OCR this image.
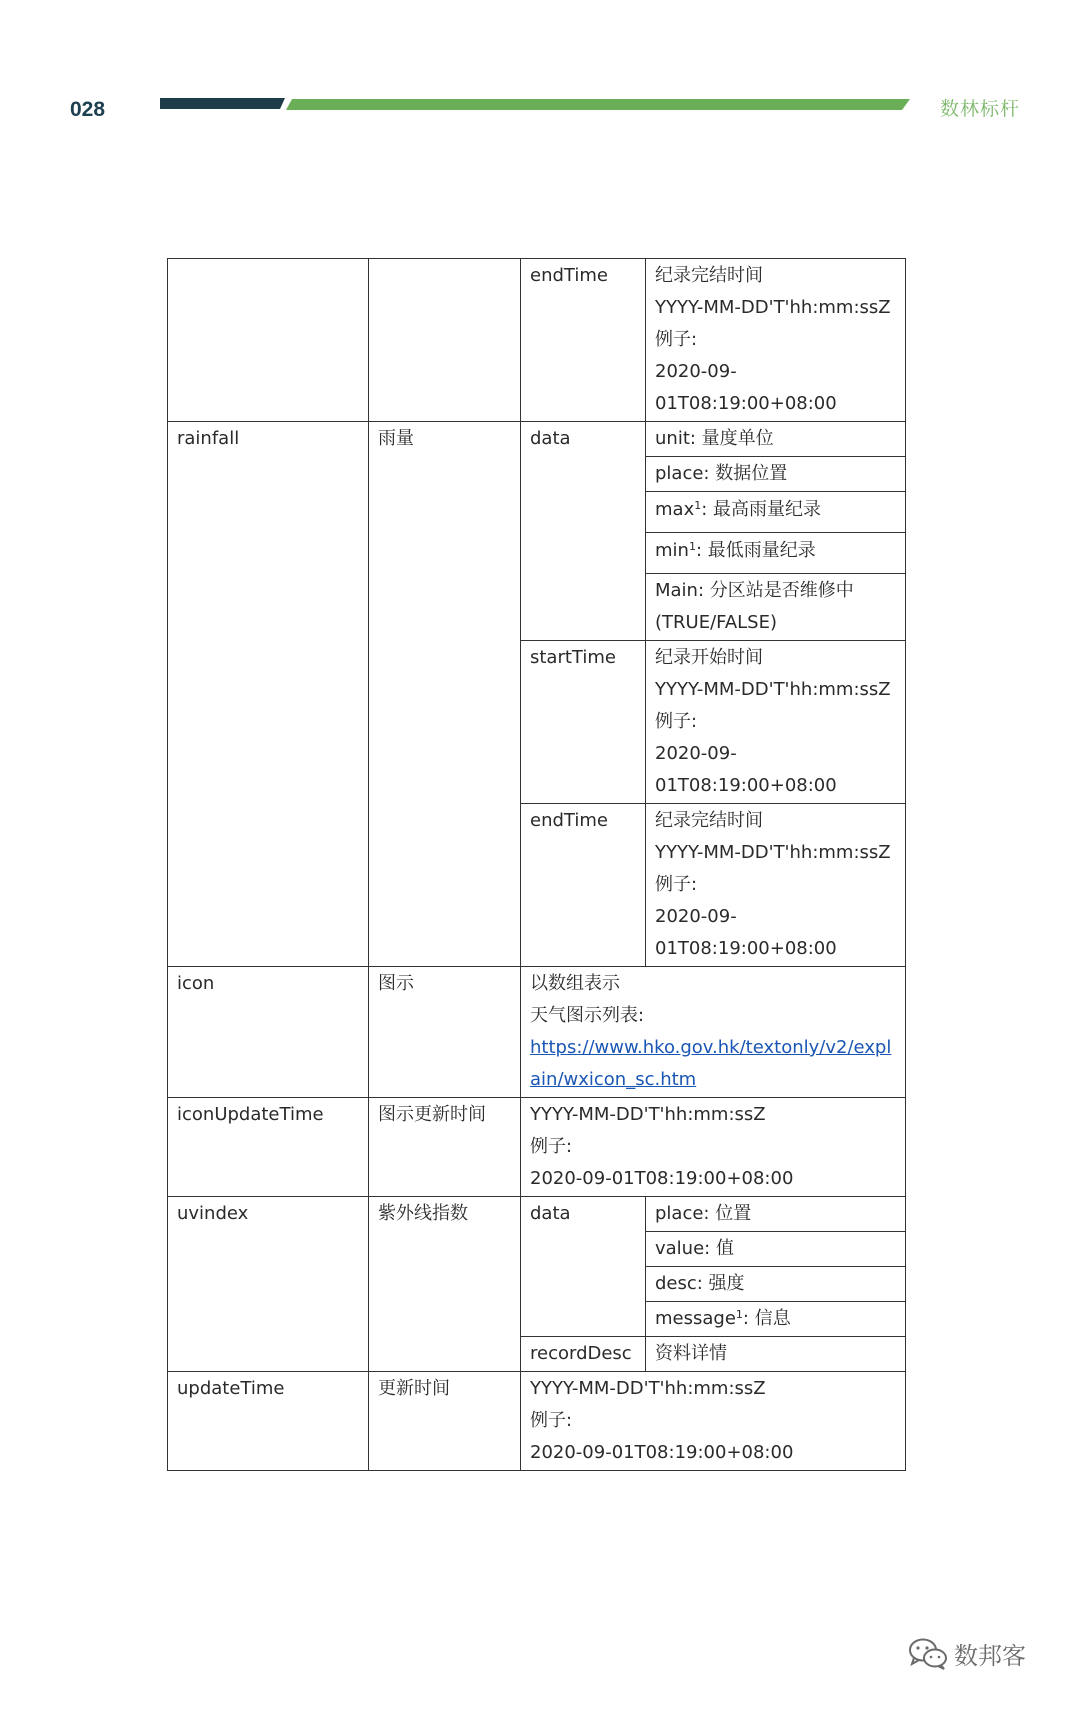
028	数林标杆
		endTime	纪录完结时间
YYYY-MM-DD'T'hh:mm:ssZ
例子:
2020-09-
01T08:19:00+08:00

rainfall	雨量	data	unit: 量度单位
			place: 数据位置
			$\max^1$: 最高雨量纪录
			$\min^1$: 最低雨量纪录

			Main: 分区站是否维修中
(TRUE/FALSE)

		startTime	纪录开始时间
YYYY-MM-DD'T'hh:mm:ssZ
例子:
2020-09-
01T08:19:00+08:00

		endTime	纪录完结时间
YYYY-MM-DD'T'hh:mm:ssZ
例子:
2020-09-
01T08:19:00+08:00

icon	图示	以数组表示
天气图示列表:
https://www.hko.gov.hk/textonly/v2/explain/wxicon_sc.htm	
iconUpdateTime	图示更新时间	YYYY-MM-DD'T'hh:mm:ssZ
例子:
2020-09-01T08:19:00+08:00	

uvindex	紫外线指数	data	place: 位置
			value: 值
			desc: 强度
			message$^1$: 信息
		recordDesc	资料详情
updateTime	更新时间	YYYY-MM-DD'T'hh:mm:ssZ
例子:
2020-09-01T08:19:00+08:00	
数邦客
